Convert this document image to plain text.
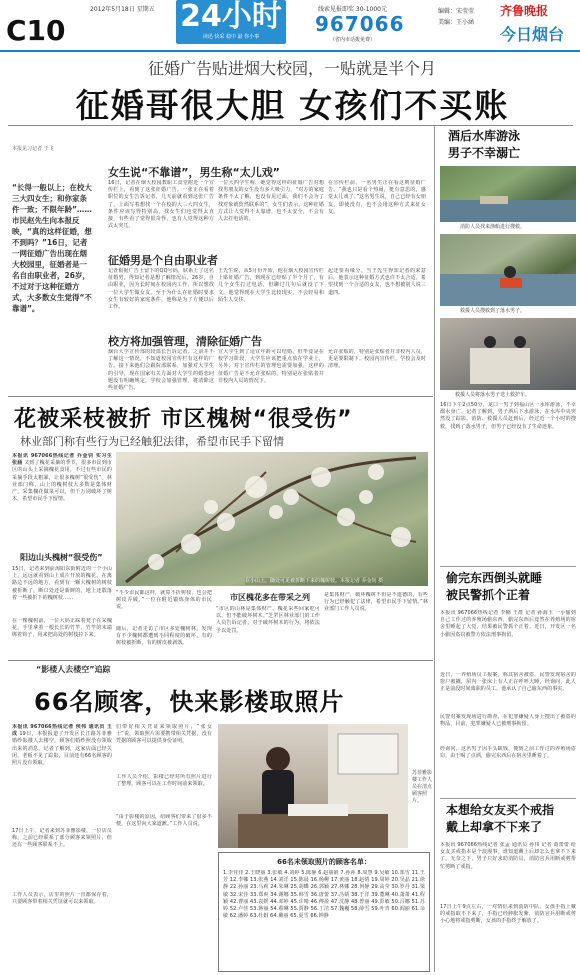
C10
2012年5月18日 星期五 24小时
读迅 快采 稳中 最 你小事
线索见报即奖 30-1000元
967066
（省内市话拨免费）
编辑：宋莹莹
美编：王小涵
齐鲁晚报
今日烟台
征婚广告贴进烟大校园，一贴就是半个月
征婚哥很大胆 女孩们不买账
本报见习记者 于飞
“长得一般以上；在校大三大四女生；和你家条件一致；不限年龄”……市民赵先生向本报反映，“真的这样征婚，想不到吗？”16日，记者一网征婚广告出现在烟大校园里，征婚者是一名自由职业者，26岁，不过对于这种征婚方式，大多数女生觉得“不靠谱”。
女生说“不靠谱”，男生称“太儿戏”
16日，记者在烟大校园教职工食堂附近一个宣传栏上，看到了这张征婚广告。一张正在看着职位的女生告诉记者，几天前就看到这张广告了，上面写着想找一个在校的大三大四女生，条件应该写得特别高，找女生们也觉得太直接，有些看了觉得很奇怪，也有人觉得这种方式太突兀。
一位大四学生称，她觉得这样的征婚广告对想找男朋友的女生没有多大吸引力，“对方的家庭条件不太了解，也没有见过面，我们不会为了找对象就贸然联系的”。女生们表示，这种征婚方式让人觉得不太靠谱，也不太安全，不会有人去打电话的。
在宣传栏前，一名男生正在看这则征婚广告。“我也只是看个热闹，挺有意思的，感觉太儿戏了。”这名男生说，自己已经有女朋友，即使没有，也不会用这种方式来征女友。
征婚男是个自由职业者
记者根据广告上留下的QQ号码，联系上了这名征婚男。得知记者是想了解情况后，26岁，自由职业，因为长时间在校园内工作，所以想找一位大学生做女友。至于为什么在征婚时要求女生有较好的家庭条件，他称是为了方便以后工作。
王先生说，从5月份开始，他在烟大校园宣传栏上贴征婚广告，到现在已经贴了半个月了，有几个女生打过电话，但聊过几句后就没了下文。他觉得现在大学生比较现实，不会轻易和陌生人交往。
起还要看缘分。当王先生得知记者的来意后，他表示这种征婚方式也许不太合适，希望找到一个合适的女友，也不想被别人说三道四。
校方将加强管理，清除征婚广告
烟台大学宣传部的段部长告诉记者，之前并不了解这一情况，不知道校园宣传栏有这样的广告。接下来他们会跟院部联系，加强对大学生的引导，现在国家有关方面对大学生的婚恋问题没有明确规定，学校会加强管理，将清除这些征婚广告。
宣大学生到了适宜年龄可以结婚，但毕竟是在校学习阶段，大学生应该把重点放在学业上，另外，对于宣传栏的管理也需要加强，这样的征婚广告是不允许张贴的，特别是在张贴者并非校内人员的情况下。
允许张贴的，特别是张贴者并非校内人员，更是要限制下。校园内宣传栏，学校会及时清理。
花被采枝被折 市区槐树“很受伤”
林业部门称有些行为已经触犯法律，希望市民手下留情
本报讯 967066热线记者 乔金钊 实习生 张涵 又到了槐花采摘的季节，很多市民到市区的山头上采摘槐花食用，不过有些市民的采摘手段太粗暴，让很多槐树“很受伤”。林业部门称，山上的槐树枝大多数是集体财产，采集槐花做菜可以，但千万别破坏了树木，希望市民手下留情。
阳边山头槐树“很受伤”
15日，记者来到前海阳东街附近的一个小山上，远远就看到山上成片开放的槐花。在离路边不远的地方，看到有一颗大槐树的树枝被折断了，断口处还是新鲜的，地上还散落着一些被折下的槐树枝……
在一棵槐树前，一位大妈正踩着凳子在采槐花，手里拿着一根长长的竹竿，竹竿的末端绑着钩子，用来把高处的树枝拉下来。
“不少市民都这样，就算不折树枝，也会把树皮弄破。”一位在附近锻炼身体的市民说。
在小山上，随处可见被折断下来的槐树枝。本报记者 乔金钊 摄
随后，记者走访了市区多处槐树林，发现有不少槐树都遭到不同程度的破坏，有的树枝被折断，有的树皮被剥落。
市区槐花多在带采之列
“市区的山林是集体财产，槐花采些回家吃可以，但不能破坏树木。”芝罘区林业部门的工作人员告诉记者，对于破坏树木的行为，将依法予以处罚。
是集体财产，破坏槐树不但是不道德的，有些行为已经触犯了法律，希望市民手下留情。”林业部门工作人员说。
“影楼人去楼空”追踪
66名顾客，快来影楼取照片
本报讯 967066热线记者 侯伟 通讯员 王成 19日，本报报道了开发区长江路苏菲雅婚纱影楼人去楼空，顾客们婚纱照没有领取出来的消息，记者了解到，这家店面已经关闭，老板不见了踪影，目前还有66名顾客的照片没有领取。
17日上午，记者来到苏菲雅影楼，一位店员称，之前已经联系了部分顾客来领照片，但还有一些顾客联系不上。
工作人员表示，店里的照片一直都保存着，只要顾客带着相关凭证就可以来领取。
们带好相关凭证来领取照片，“张女士”说，领取照片需要携带相关凭据，没有凭据的顾客可以提供身份证明。
工作人员介绍，影楼已经对所有照片进行了整理，顾客可以在工作时间前来领取。
“由于影楼的原因，给顾客们带来了很多不便，在这里向大家道歉。”工作人员说。
苏菲雅影楼工作人员在清点顾客照片。
66名未领取照片的顾客名单：
1.李佳佳 2.王晓丽 3.张敏 4.刘婷 5.陈静 6.赵丽娟 7.孙萍 8.周慧 9.吴敏 10.郑雪 11.王芳 12.李娜 13.张燕 14.刘洋 15.陈晨 16.杨柳 17.黄丽 18.赵倩 19.周婷 20.吴晶 21.徐静 22.孙丽 23.马莉 24.朱琳 25.胡蝶 26.郭颖 27.林娜 28.何静 29.高莹 30.罗丹 31.梁敏 32.宋佳 33.郑爽 34.谢娜 35.韩雪 36.唐蕾 37.冯婧 38.于洋 39.董琳 40.萧萧 41.程颖 42.曹丽 43.袁媛 44.邓婷 45.许晴 46.傅盈 47.沈静 48.曾丽 49.彭敏 50.吕娜 51.苏婷 52.卢佳 53.蒋丽 54.蔡琳 55.贾静 56.丁洁 57.魏巍 58.薛雪 59.叶青 60.阎丽 61.余敏 62.潘婷 63.杜娟 64.戴丽 65.夏雪 66.钟静
酒后水库游泳
男子不幸溺亡
消防人员找来渔船进行搜救。
救援人员搜救到了落水男子。
救援人员将落水男子送上救护车。
16日下午2点50分，龙口一男子到福山区一水库游泳，不幸溺水身亡。记者了解到，男子酒后下水游泳，在水库中央突然没了踪影。消防、救援人员赶到后，经过近一个小时的搜救，找到了落水男子，但男子已经没有了生命迹象。
偷完东西倒头就睡
被民警抓个正着
本报讯 967066热线记者 李楠 王群 记者 孙海玉 一小偷到自己工作过的养殖场偷东西，偷完东西后竟然在养殖场的宿舍里睡起了大觉，结果被民警抓个正着。近日，开发区一名小偷因盗窃被警方依法刑事拘留。
近日，一养殖场员工报案，称其宿舍被盗，民警发现宿舍的窗户被撬，屋内一张床上有人正在呼呼大睡，经询问，此人正是前段时间离职的员工，他承认了自己偷东西的事实。
民警对案发现场进行勘查，在犯罪嫌疑人身上搜出了被盗的物品，目前，犯罪嫌疑人已被刑事拘留。
经询问，这名男子因手头缺钱，便到之前工作过的养殖场盗窃，由于喝了点酒，偷完东西后在宿舍里睡着了。
本想给女友买个戒指
戴上却拿不下来了
本报讯 967066热线记者 张孟 通讯员 孙伟 记者 葛蕾蕾 给女友买戒指本是个浪漫事，谁知道戴上后却怎么也拿不下来了。无奈之下，男子只好求助消防员，消防官兵用断戒剪帮忙剪断了戒指。
17日上午9点左右，一对情侣来到消防中队，女孩手指上戴的戒指取不下来了，手指已经肿胀发紫，消防官兵用断戒剪小心地将戒指剪断，女孩的手指终于解放了。
